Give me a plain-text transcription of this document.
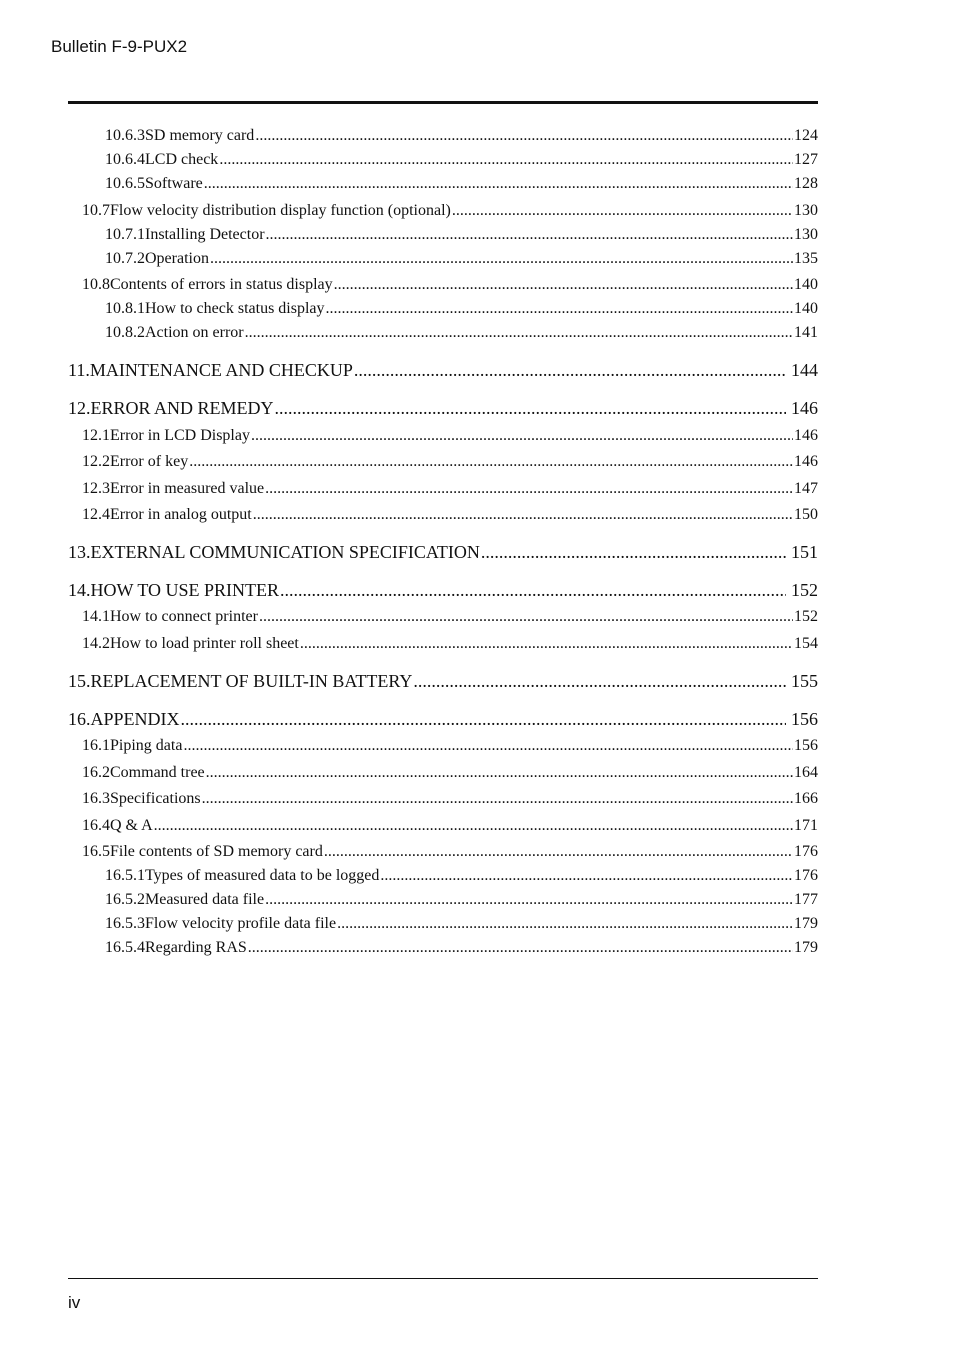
Bulletin F-9-PUX2
10.6.3 SD memory card .....	124
10.6.4 LCD check .....	127
10.6.5 Software .....	128
10.7 Flow velocity distribution display function (optional) .....	130
10.7.1 Installing Detector .....	130
10.7.2 Operation .....	135
10.8 Contents of errors in status display .....	140
10.8.1 How to check status display .....	140
10.8.2 Action on error .....	141
11. MAINTENANCE AND CHECKUP .....	144
12. ERROR AND REMEDY .....	146
12.1 Error in LCD Display .....	146
12.2 Error of key .....	146
12.3 Error in measured value .....	147
12.4 Error in analog output .....	150
13. EXTERNAL COMMUNICATION SPECIFICATION .....	151
14. HOW TO USE PRINTER .....	152
14.1 How to connect printer .....	152
14.2 How to load printer roll sheet .....	154
15. REPLACEMENT OF BUILT-IN BATTERY .....	155
16. APPENDIX .....	156
16.1 Piping data .....	156
16.2 Command tree .....	164
16.3 Specifications .....	166
16.4 Q & A .....	171
16.5 File contents of SD memory card .....	176
16.5.1 Types of measured data to be logged .....	176
16.5.2 Measured data file .....	177
16.5.3 Flow velocity profile data file .....	179
16.5.4 Regarding RAS .....	179
iv
